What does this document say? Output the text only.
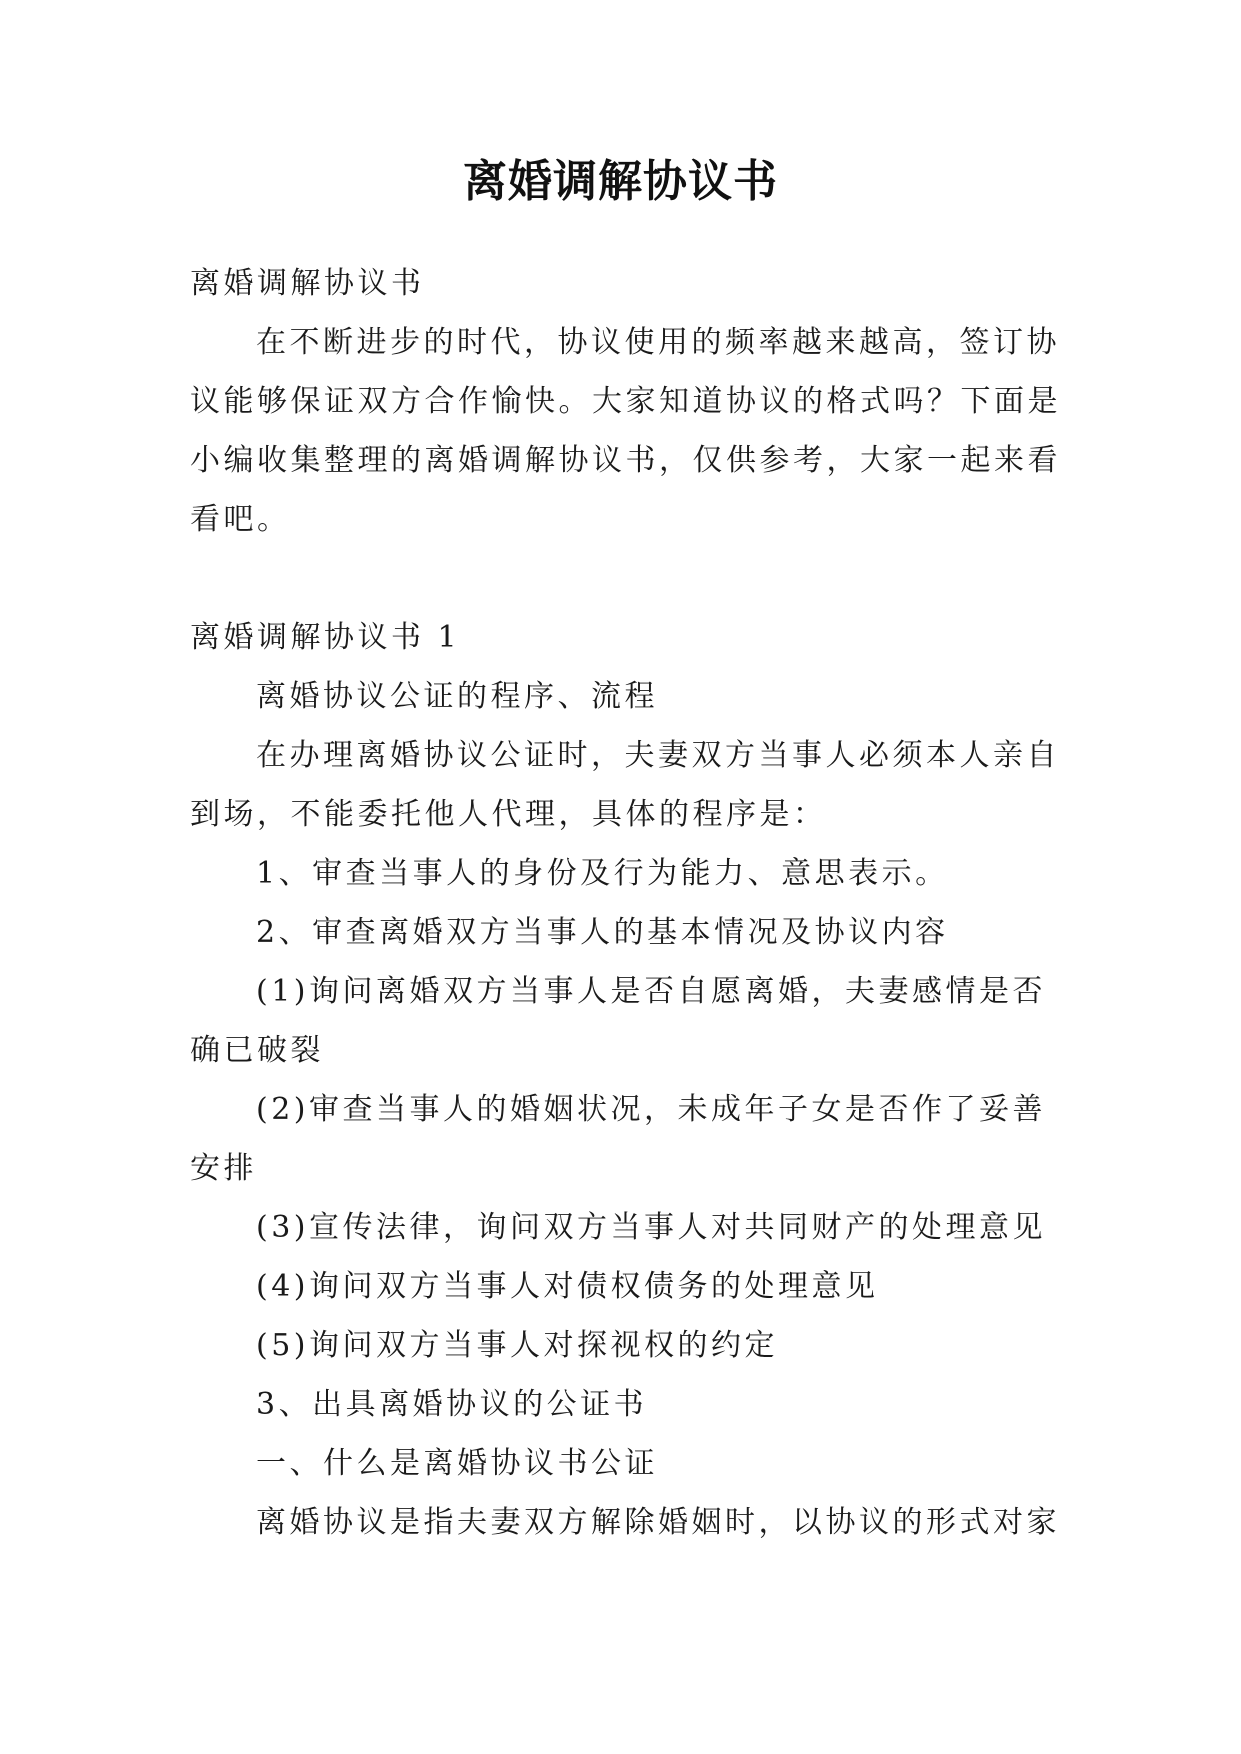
离婚调解协议书
离婚调解协议书
在不断进步的时代，协议使用的频率越来越高，签订协
议能够保证双方合作愉快。大家知道协议的格式吗？下面是
小编收集整理的离婚调解协议书，仅供参考，大家一起来看
看吧。
离婚调解协议书 1
离婚协议公证的程序、流程
在办理离婚协议公证时，夫妻双方当事人必须本人亲自
到场，不能委托他人代理，具体的程序是：
1、审查当事人的身份及行为能力、意思表示。
2、审查离婚双方当事人的基本情况及协议内容
(1)询问离婚双方当事人是否自愿离婚，夫妻感情是否
确已破裂
(2)审查当事人的婚姻状况，未成年子女是否作了妥善
安排
(3)宣传法律，询问双方当事人对共同财产的处理意见
(4)询问双方当事人对债权债务的处理意见
(5)询问双方当事人对探视权的约定
3、出具离婚协议的公证书
一、什么是离婚协议书公证
离婚协议是指夫妻双方解除婚姻时，以协议的形式对家
